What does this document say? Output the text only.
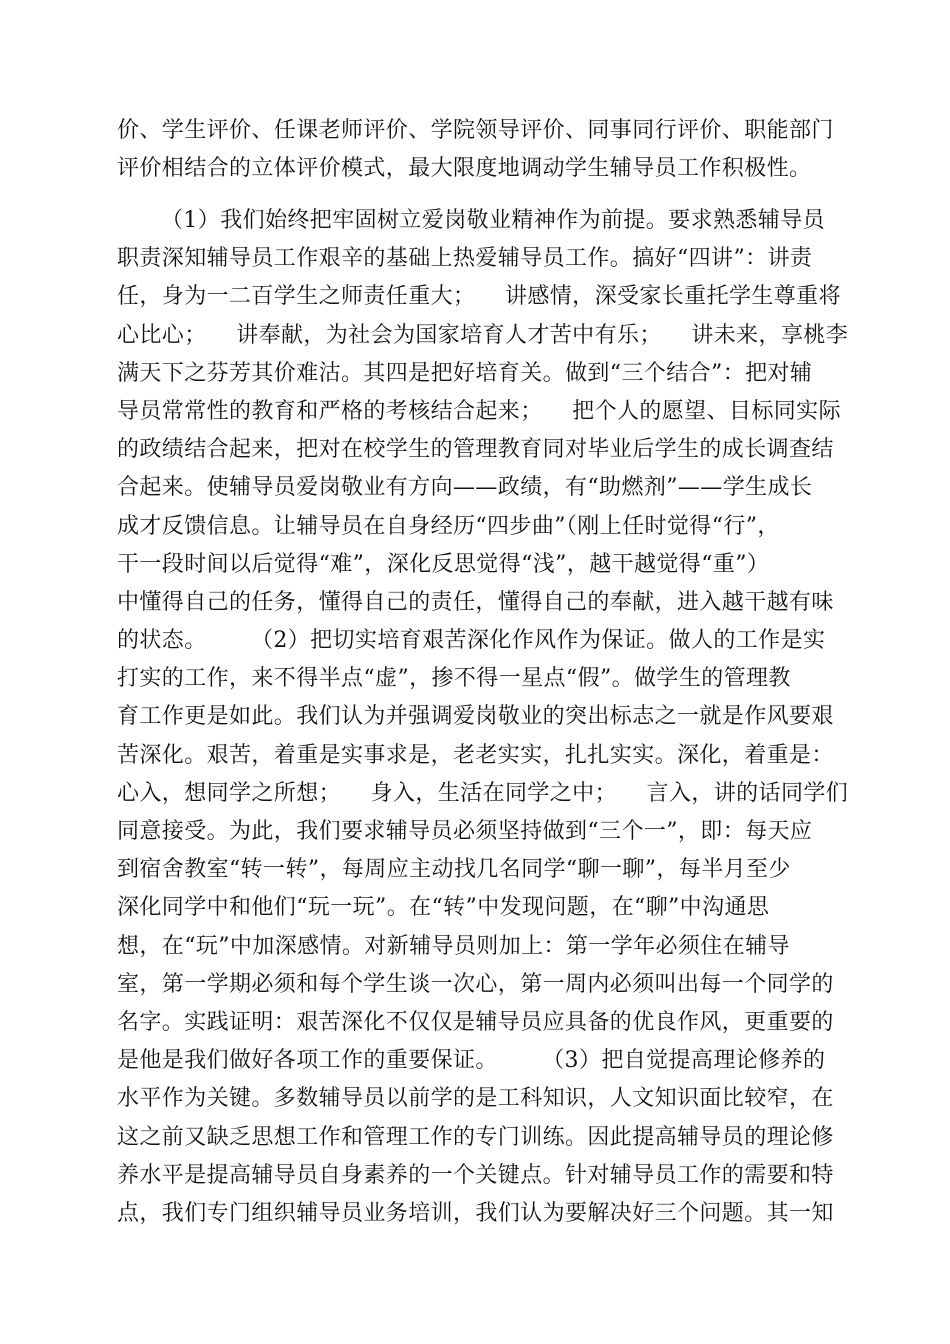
价、学生评价、任课老师评价、学院领导评价、同事同行评价、职能部门
评价相结合的立体评价模式，最大限度地调动学生辅导员工作积极性。
（1）我们始终把牢固树立爱岗敬业精神作为前提。要求熟悉辅导员
职责深知辅导员工作艰辛的基础上热爱辅导员工作。搞好“四讲”：讲责
任，身为一二百学生之师责任重大；    讲感情，深受家长重托学生尊重将
心比心；    讲奉献，为社会为国家培育人才苦中有乐；    讲未来，享桃李
满天下之芬芳其价难沽。其四是把好培育关。做到“三个结合”：把对辅
导员常常性的教育和严格的考核结合起来；    把个人的愿望、目标同实际
的政绩结合起来，把对在校学生的管理教育同对毕业后学生的成长调查结
合起来。使辅导员爱岗敬业有方向——政绩，有“助燃剂”——学生成长
成才反馈信息。让辅导员在自身经历“四步曲”（刚上任时觉得“行”，
干一段时间以后觉得“难”，深化反思觉得“浅”，越干越觉得“重”）
中懂得自己的任务，懂得自己的责任，懂得自己的奉献，进入越干越有味
的状态。      （2）把切实培育艰苦深化作风作为保证。做人的工作是实
打实的工作，来不得半点“虚”，掺不得一星点“假”。做学生的管理教
育工作更是如此。我们认为并强调爱岗敬业的突出标志之一就是作风要艰
苦深化。艰苦，着重是实事求是，老老实实，扎扎实实。深化，着重是：
心入，想同学之所想；    身入，生活在同学之中；    言入，讲的话同学们
同意接受。为此，我们要求辅导员必须坚持做到“三个一”，即：每天应
到宿舍教室“转一转”，每周应主动找几名同学“聊一聊”，每半月至少
深化同学中和他们“玩一玩”。在“转”中发现问题，在“聊”中沟通思
想，在“玩”中加深感情。对新辅导员则加上：第一学年必须住在辅导
室，第一学期必须和每个学生谈一次心，第一周内必须叫出每一个同学的
名字。实践证明：艰苦深化不仅仅是辅导员应具备的优良作风，更重要的
是他是我们做好各项工作的重要保证。      （3）把自觉提高理论修养的
水平作为关键。多数辅导员以前学的是工科知识，人文知识面比较窄，在
这之前又缺乏思想工作和管理工作的专门训练。因此提高辅导员的理论修
养水平是提高辅导员自身素养的一个关键点。针对辅导员工作的需要和特
点，我们专门组织辅导员业务培训，我们认为要解决好三个问题。其一知
